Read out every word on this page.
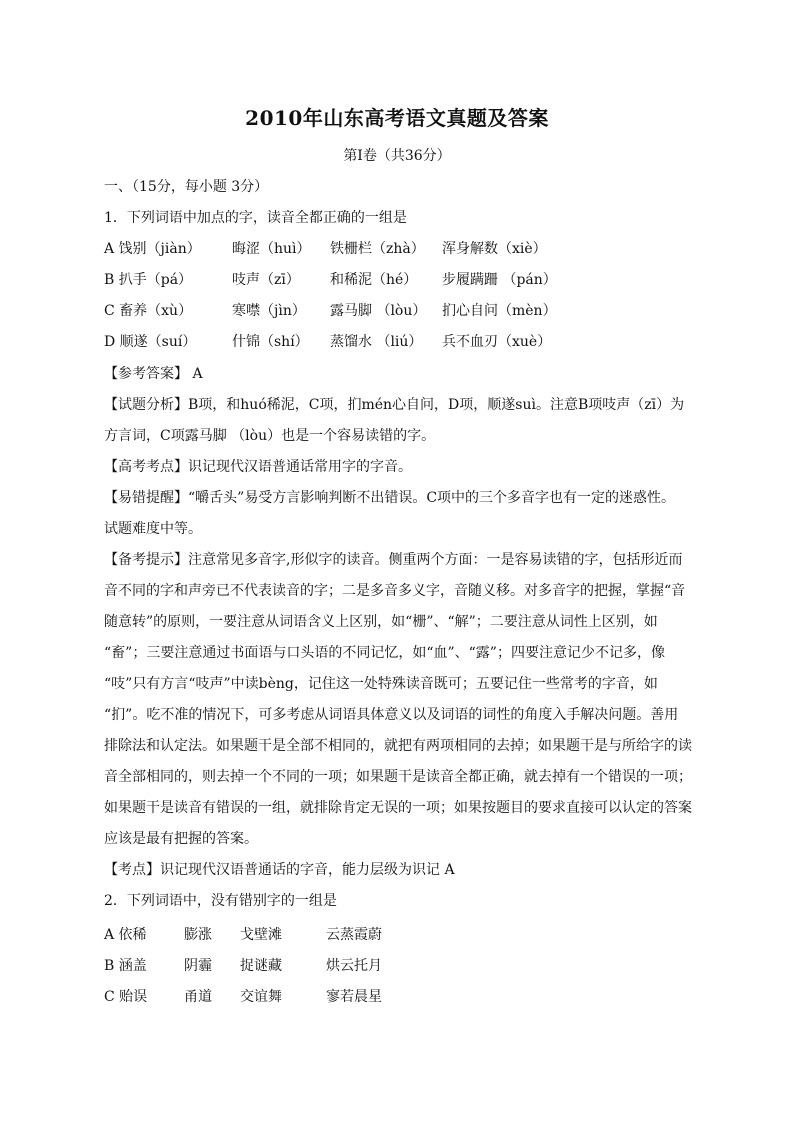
2010年山东高考语文真题及答案
第Ⅰ卷（共36分）
一、（15分，每小题 3分）
1．下列词语中加点的字，读音全都正确的一组是
A 饯别（jiàn） 晦涩（huì） 铁栅栏（zhà） 浑身解数（xiè）
B 扒手（pá）	吱声（zī） 和稀泥（hé） 步履蹒跚 （pán）
C 畜养（xù）	寒噤（jìn） 露马脚 （lòu） 扪心自问（mèn）
D 顺遂（suí）	什锦（shí） 蒸馏水 （liú） 兵不血刃（xuè）
【参考答案】 A
【试题分析】B项，和huó稀泥，C项，扪mén心自问，D项，顺遂suì。注意B项吱声（zī）为
方言词，C项露马脚 （lòu）也是一个容易读错的字。
【高考考点】识记现代汉语普通话常用字的字音。
【易错提醒】“嚼舌头”易受方言影响判断不出错误。C项中的三个多音字也有一定的迷惑性。
试题难度中等。
【备考提示】注意常见多音字,形似字的读音。侧重两个方面：一是容易读错的字，包括形近而
音不同的字和声旁已不代表读音的字；二是多音多义字，音随义移。对多音字的把握，掌握“音
随意转”的原则，一要注意从词语含义上区别，如“栅”、“解”；二要注意从词性上区别，如
“畜”；三要注意通过书面语与口头语的不同记忆，如“血”、“露”；四要注意记少不记多，像
“吱”只有方言“吱声”中读bèng，记住这一处特殊读音既可；五要记住一些常考的字音，如
“扪”。吃不准的情况下，可多考虑从词语具体意义以及词语的词性的角度入手解决问题。善用
排除法和认定法。如果题干是全部不相同的，就把有两项相同的去掉；如果题干是与所给字的读
音全部相同的，则去掉一个不同的一项；如果题干是读音全都正确，就去掉有一个错误的一项；
如果题干是读音有错误的一组，就排除肯定无误的一项；如果按题目的要求直接可以认定的答案
应该是最有把握的答案。
【考点】识记现代汉语普通话的字音，能力层级为识记 A
2．下列词语中，没有错别字的一组是
A 依稀	膨涨 戈壁滩	云蒸霞蔚
B 涵盖	阴霾 捉谜藏	烘云托月
C 贻误	甬道 交谊舞	寥若晨星
